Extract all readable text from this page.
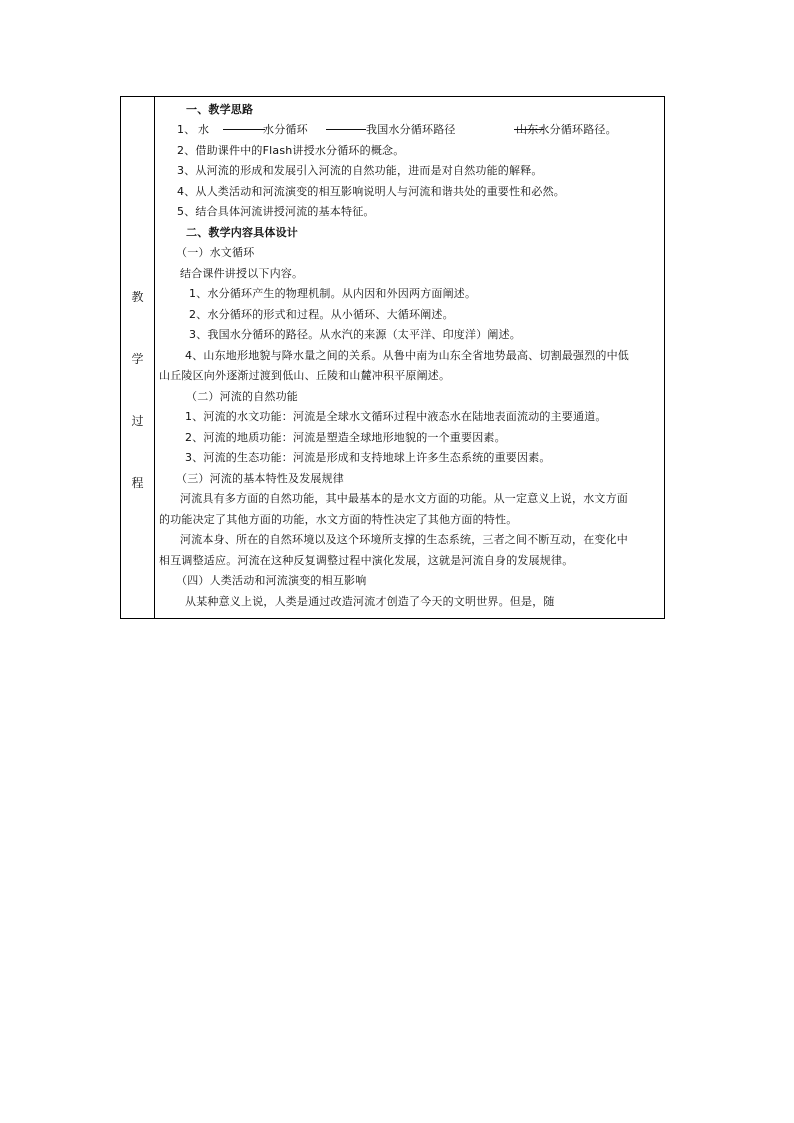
教
学
过
程
一、教学思路
1、 水	水分循环	我国水分循环路径	山东水分循环路径。
2、借助课件中的Flash讲授水分循环的概念。
3、从河流的形成和发展引入河流的自然功能，进而是对自然功能的解释。
4、从人类活动和河流演变的相互影响说明人与河流和谐共处的重要性和必然。
5、结合具体河流讲授河流的基本特征。
二、教学内容具体设计
（一）水文循环
结合课件讲授以下内容。
1、水分循环产生的物理机制。从内因和外因两方面阐述。
2、水分循环的形式和过程。从小循环、大循环阐述。
3、我国水分循环的路径。从水汽的来源（太平洋、印度洋）阐述。
4、山东地形地貌与降水量之间的关系。从鲁中南为山东全省地势最高、切割最强烈的中低
山丘陵区向外逐渐过渡到低山、丘陵和山麓冲积平原阐述。
（二）河流的自然功能
1、河流的水文功能：河流是全球水文循环过程中液态水在陆地表面流动的主要通道。
2、河流的地质功能：河流是塑造全球地形地貌的一个重要因素。
3、河流的生态功能：河流是形成和支持地球上许多生态系统的重要因素。
（三）河流的基本特性及发展规律
河流具有多方面的自然功能，其中最基本的是水文方面的功能。从一定意义上说，水文方面
的功能决定了其他方面的功能，水文方面的特性决定了其他方面的特性。
河流本身、所在的自然环境以及这个环境所支撑的生态系统，三者之间不断互动，在变化中
相互调整适应。河流在这种反复调整过程中演化发展，这就是河流自身的发展规律。
（四）人类活动和河流演变的相互影响
从某种意义上说，人类是通过改造河流才创造了今天的文明世界。但是，随
